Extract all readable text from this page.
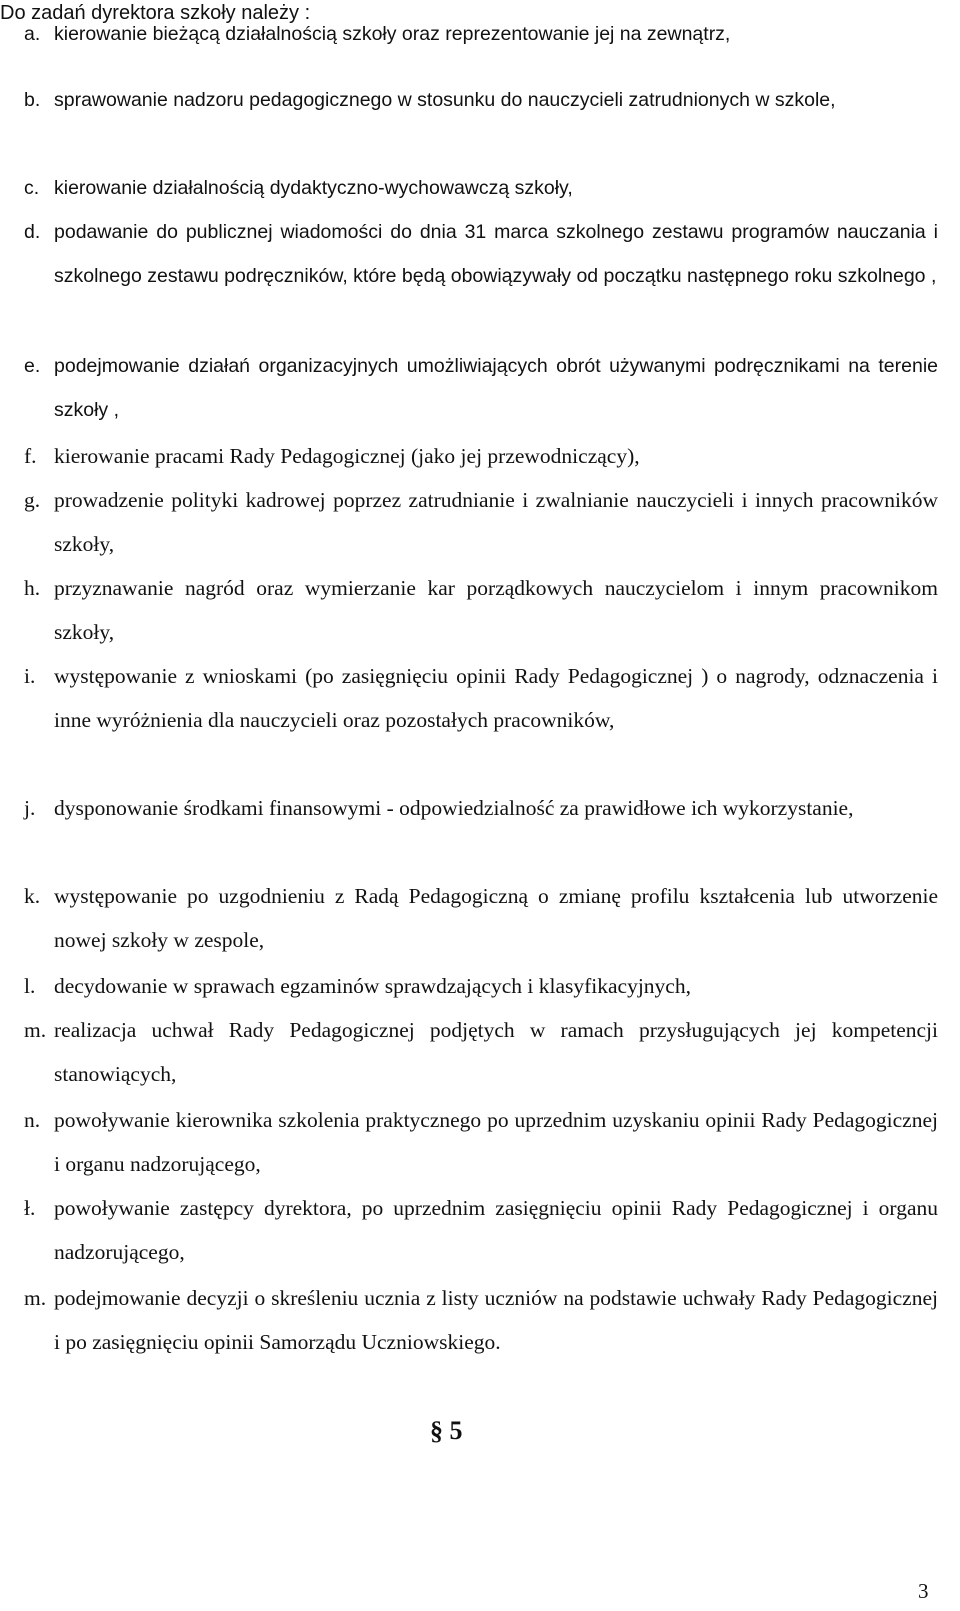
Do zadań dyrektora szkoły należy :
a. kierowanie bieżącą działalnością szkoły oraz reprezentowanie jej na zewnątrz,
b. sprawowanie nadzoru pedagogicznego w stosunku do nauczycieli zatrudnionych w szkole,
c. kierowanie działalnością dydaktyczno-wychowawczą szkoły,
d. podawanie do publicznej wiadomości do dnia 31 marca szkolnego zestawu programów nauczania i szkolnego zestawu podręczników, które będą obowiązywały od początku następnego roku szkolnego ,
e. podejmowanie działań organizacyjnych umożliwiających obrót używanymi podręcznikami na terenie szkoły ,
f. kierowanie pracami Rady Pedagogicznej (jako jej przewodniczący),
g. prowadzenie polityki kadrowej poprzez zatrudnianie i zwalnianie nauczycieli i innych pracowników szkoły,
h. przyznawanie nagród oraz wymierzanie kar porządkowych nauczycielom i innym pracownikom szkoły,
i. występowanie z wnioskami (po zasięgnięciu opinii Rady Pedagogicznej ) o nagrody, odznaczenia i inne wyróżnienia dla nauczycieli oraz pozostałych pracowników,
j. dysponowanie środkami finansowymi - odpowiedzialność za prawidłowe ich wykorzystanie,
k. występowanie po uzgodnieniu z Radą Pedagogiczną o zmianę profilu kształcenia lub utworzenie nowej szkoły w zespole,
l. decydowanie w sprawach egzaminów sprawdzających i klasyfikacyjnych,
m. realizacja uchwał Rady Pedagogicznej podjętych w ramach przysługujących jej kompetencji stanowiących,
n. powoływanie kierownika szkolenia praktycznego po uprzednim uzyskaniu opinii Rady Pedagogicznej i organu nadzorującego,
ł. powoływanie zastępcy dyrektora, po uprzednim zasięgnięciu opinii Rady Pedagogicznej i organu nadzorującego,
m. podejmowanie decyzji o skreśleniu ucznia z listy uczniów na podstawie uchwały Rady Pedagogicznej i po zasięgnięciu opinii Samorządu Uczniowskiego.
§ 5
3
